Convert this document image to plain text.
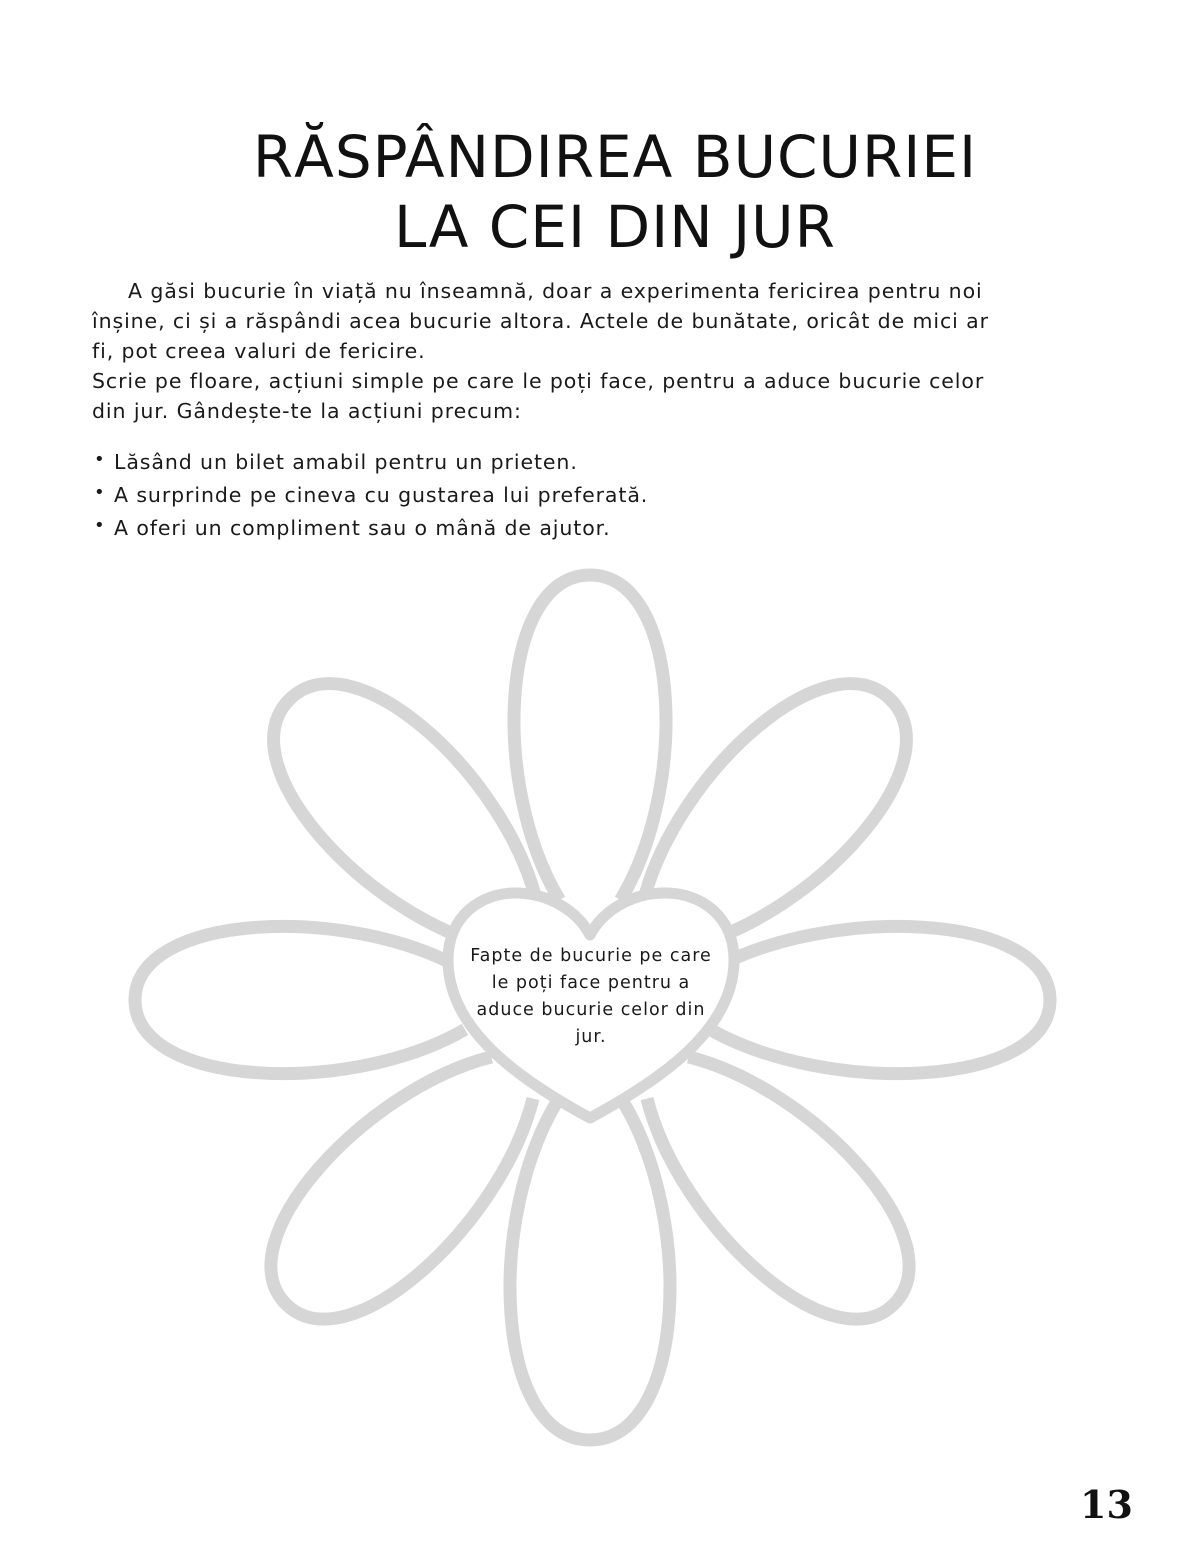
RĂSPÂNDIREA BUCURIEI
LA CEI DIN JUR
A găsi bucurie în viață nu înseamnă, doar a experimenta fericirea pentru noi
înșine, ci și a răspândi acea bucurie altora. Actele de bunătate, oricât de mici ar
fi, pot creea valuri de fericire.
Scrie pe floare, acțiuni simple pe care le poți face, pentru a aduce bucurie celor
din jur. Gândește-te la acțiuni precum:
• Lăsând un bilet amabil pentru un prieten.
• A surprinde pe cineva cu gustarea lui preferată.
• A oferi un compliment sau o mână de ajutor.
Fapte de bucurie pe care le poți face pentru a aduce bucurie celor din jur.
13
